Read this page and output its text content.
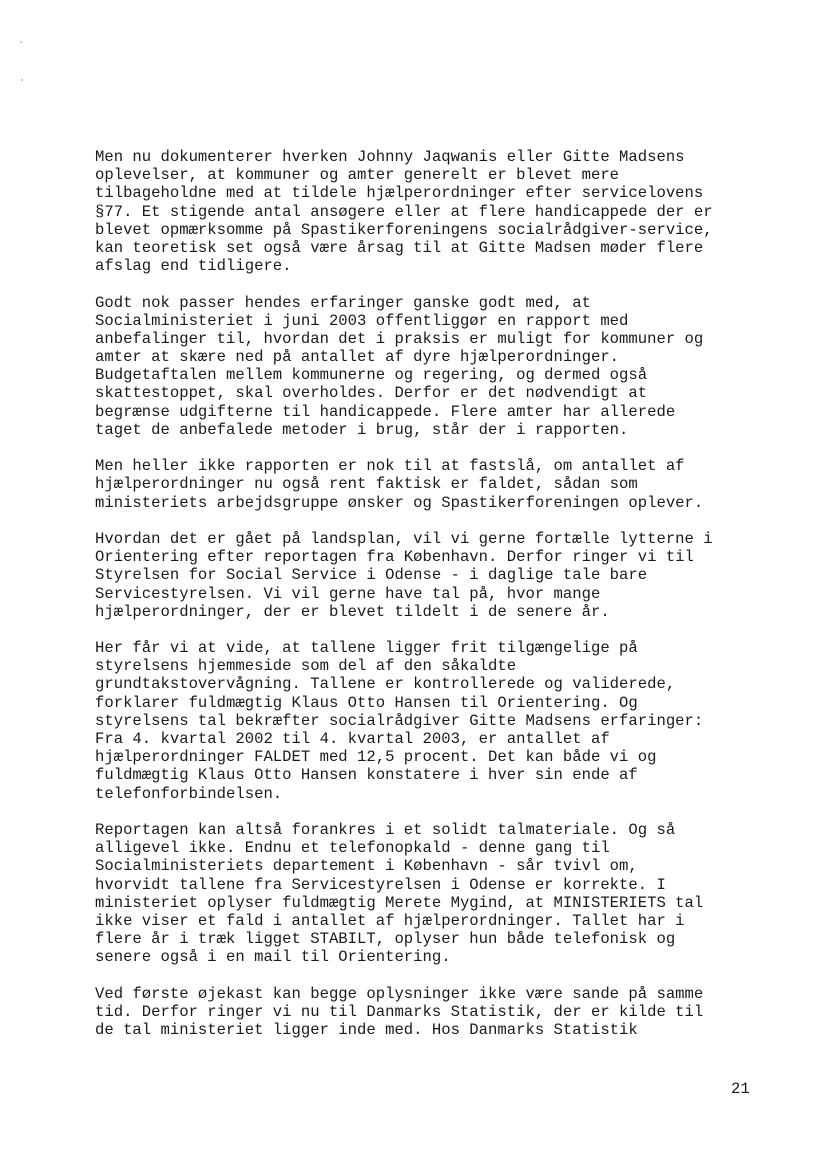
Men nu dokumenterer hverken Johnny Jaqwanis eller Gitte Madsens
oplevelser, at kommuner og amter generelt er blevet mere
tilbageholdne med at tildele hjælperordninger efter servicelovens
§77. Et stigende antal ansøgere eller at flere handicappede der er
blevet opmærksomme på Spastikerforeningens socialrådgiver-service,
kan teoretisk set også være årsag til at Gitte Madsen møder flere
afslag end tidligere.

Godt nok passer hendes erfaringer ganske godt med, at
Socialministeriet i juni 2003 offentliggør en rapport med
anbefalinger til, hvordan det i praksis er muligt for kommuner og
amter at skære ned på antallet af dyre hjælperordninger.
Budgetaftalen mellem kommunerne og regering, og dermed også
skattestoppet, skal overholdes. Derfor er det nødvendigt at
begrænse udgifterne til handicappede. Flere amter har allerede
taget de anbefalede metoder i brug, står der i rapporten.

Men heller ikke rapporten er nok til at fastslå, om antallet af
hjælperordninger nu også rent faktisk er faldet, sådan som
ministeriets arbejdsgruppe ønsker og Spastikerforeningen oplever.

Hvordan det er gået på landsplan, vil vi gerne fortælle lytterne i
Orientering efter reportagen fra København. Derfor ringer vi til
Styrelsen for Social Service i Odense - i daglige tale bare
Servicestyrelsen. Vi vil gerne have tal på, hvor mange
hjælperordninger, der er blevet tildelt i de senere år.

Her får vi at vide, at tallene ligger frit tilgængelige på
styrelsens hjemmeside som del af den såkaldte
grundtakstovervågning. Tallene er kontrollerede og validerede,
forklarer fuldmægtig Klaus Otto Hansen til Orientering. Og
styrelsens tal bekræfter socialrådgiver Gitte Madsens erfaringer:
Fra 4. kvartal 2002 til 4. kvartal 2003, er antallet af
hjælperordninger FALDET med 12,5 procent. Det kan både vi og
fuldmægtig Klaus Otto Hansen konstatere i hver sin ende af
telefonforbindelsen.

Reportagen kan altså forankres i et solidt talmateriale. Og så
alligevel ikke. Endnu et telefonopkald - denne gang til
Socialministeriets departement i København - sår tvivl om,
hvorvidt tallene fra Servicestyrelsen i Odense er korrekte. I
ministeriet oplyser fuldmægtig Merete Mygind, at MINISTERIETS tal
ikke viser et fald i antallet af hjælperordninger. Tallet har i
flere år i træk ligget STABILT, oplyser hun både telefonisk og
senere også i en mail til Orientering.

Ved første øjekast kan begge oplysninger ikke være sande på samme
tid. Derfor ringer vi nu til Danmarks Statistik, der er kilde til
de tal ministeriet ligger inde med. Hos Danmarks Statistik

21
